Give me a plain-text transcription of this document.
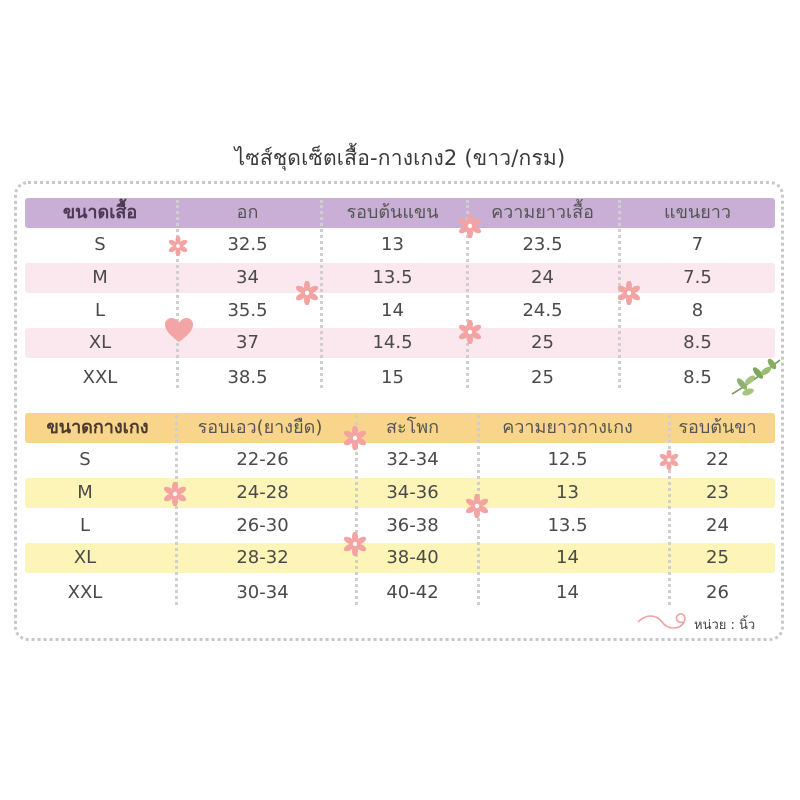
ไซส์ชุดเซ็ตเสื้อ-กางเกง2 (ขาว/กรม)
ขนาดเสื้อ	อก	รอบต้นแขน	ความยาวเสื้อ	แขนยาว
S	32.5	13	23.5	7
M	34	13.5	24	7.5
L	35.5	14	24.5	8
XL	37	14.5	25	8.5
XXL	38.5	15	25	8.5
ขนาดกางเกง	รอบเอว(ยางยืด)	สะโพก	ความยาวกางเกง	รอบต้นขา
S	22-26	32-34	12.5	22
M	24-28	34-36	13	23
L	26-30	36-38	13.5	24
XL	28-32	38-40	14	25
XXL	30-34	40-42	14	26
หน่วย : นิ้ว
